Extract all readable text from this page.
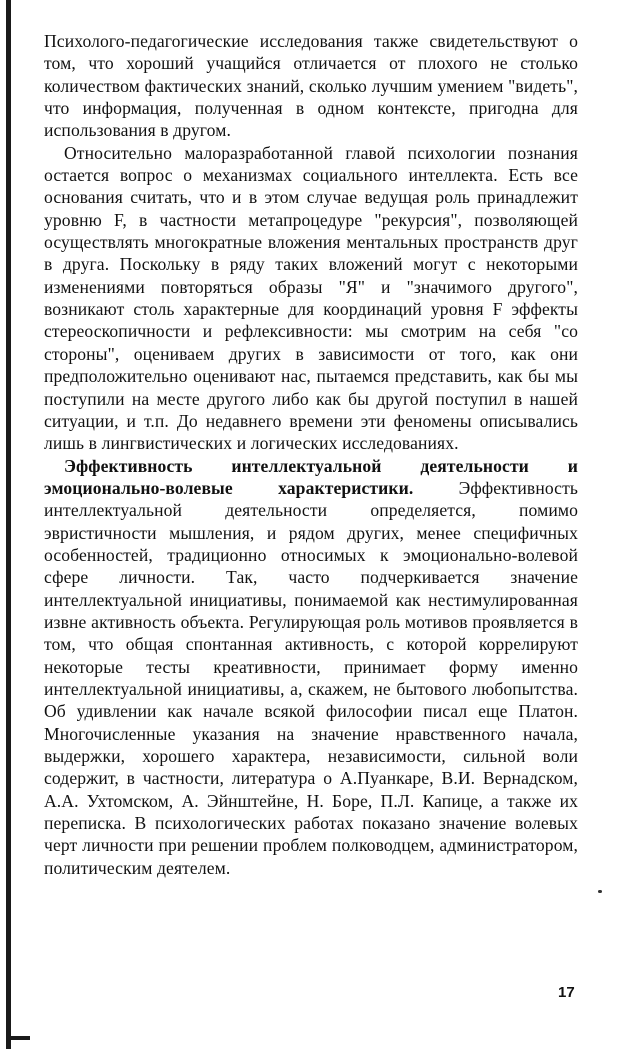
Психолого-педагогические исследования также свидетельствуют о том, что хороший учащийся отличается от плохого не столько количеством фактических знаний, сколько лучшим умением "видеть", что информация, полученная в одном контексте, пригодна для использования в другом.

Относительно малоразработанной главой психологии познания остается вопрос о механизмах социального интеллекта. Есть все основания считать, что и в этом случае ведущая роль принадлежит уровню F, в частности метапроцедуре "рекурсия", позволяющей осуществлять многократные вложения ментальных пространств друг в друга. Поскольку в ряду таких вложений могут с некоторыми изменениями повторяться образы "Я" и "значимого другого", возникают столь характерные для координаций уровня F эффекты стереоскопичности и рефлексивности: мы смотрим на себя "со стороны", оцениваем других в зависимости от того, как они предположительно оценивают нас, пытаемся представить, как бы мы поступили на месте другого либо как бы другой поступил в нашей ситуации, и т.п. До недавнего времени эти феномены описывались лишь в лингвистических и логических исследованиях.

Эффективность интеллектуальной деятельности и эмоционально-волевые характеристики. Эффективность интеллектуальной деятельности определяется, помимо эвристичности мышления, и рядом других, менее специфичных особенностей, традиционно относимых к эмоционально-волевой сфере личности. Так, часто подчеркивается значение интеллектуальной инициативы, понимаемой как нестимулированная извне активность объекта. Регулирующая роль мотивов проявляется в том, что общая спонтанная активность, с которой коррелируют некоторые тесты креативности, принимает форму именно интеллектуальной инициативы, а, скажем, не бытового любопытства. Об удивлении как начале всякой философии писал еще Платон. Многочисленные указания на значение нравственного начала, выдержки, хорошего характера, независимости, сильной воли содержит, в частности, литература о А.Пуанкаре, В.И. Вернадском, А.А. Ухтомском, А. Эйнштейне, Н. Боре, П.Л. Капице, а также их переписка. В психологических работах показано значение волевых черт личности при решении проблем полководцем, администратором, политическим деятелем.

17
